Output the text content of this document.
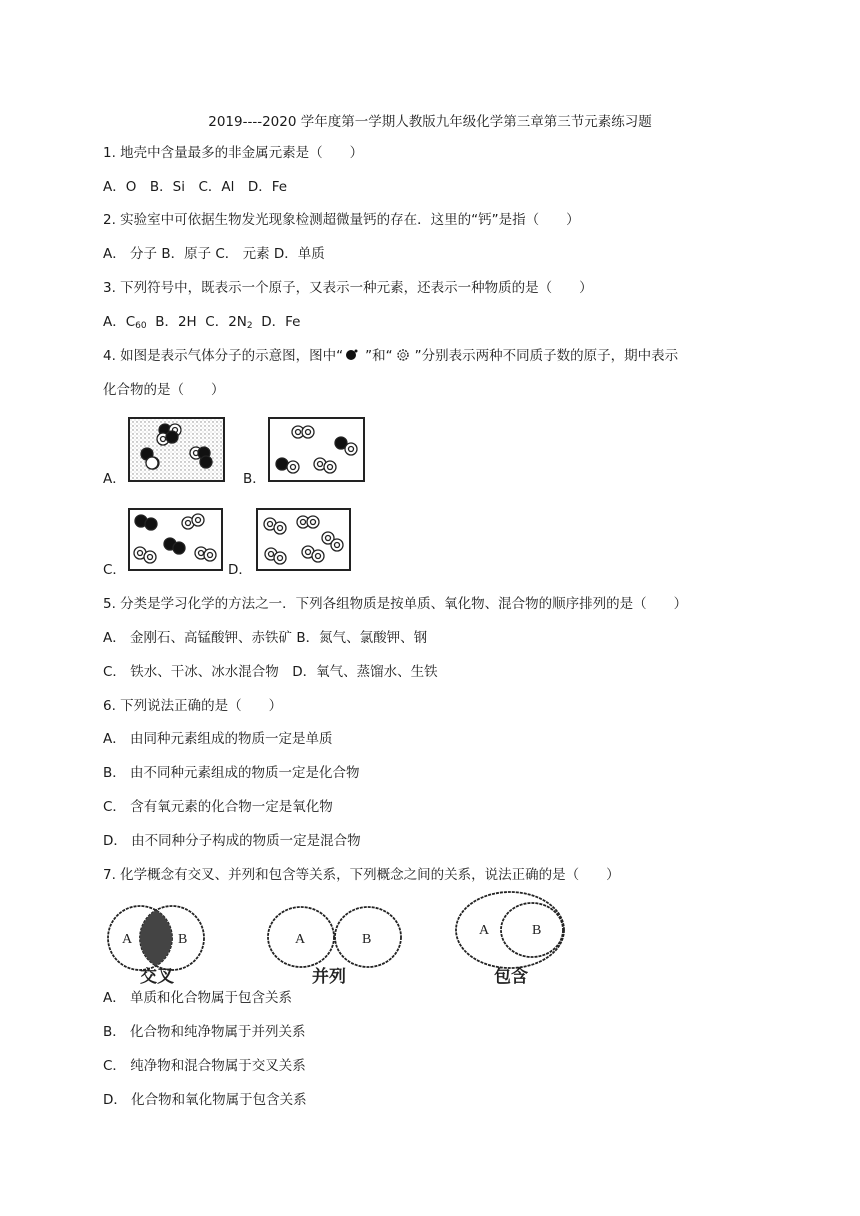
2019----2020 学年度第一学期人教版九年级化学第三章第三节元素练习题
1. 地壳中含量最多的非金属元素是（　　）
A．O　B．Si　C．Al　D．Fe
2. 实验室中可依据生物发光现象检测超微量钙的存在．这里的“钙”是指（　　）
A． 分子 B．原子 C． 元素 D．单质
3. 下列符号中，既表示一个原子，又表示一种元素，还表示一种物质的是（　　）
A．$C_{60}$  B．2H  C．$2N_2$  D．Fe
4. 如图是表示气体分子的示意图，图中“ ”和“ ”分别表示两种不同质子数的原子，期中表示
化合物的是（　　）
A．	B．
C．	D．
5. 分类是学习化学的方法之一．下列各组物质是按单质、氧化物、混合物的顺序排列的是（　　）
A． 金刚石、高锰酸钾、赤铁矿 B．氮气、氯酸钾、钢
C． 铁水、干冰、冰水混合物　D．氧气、蒸馏水、生铁
6. 下列说法正确的是（　　）
A． 由同种元素组成的物质一定是单质
B． 由不同种元素组成的物质一定是化合物
C． 含有氧元素的化合物一定是氧化物
D． 由不同种分子构成的物质一定是混合物
7. 化学概念有交叉、并列和包含等关系，下列概念之间的关系，说法正确的是（　　）
A	B
交叉
A	B
并列
A	B
包含
A． 单质和化合物属于包含关系
B． 化合物和纯净物属于并列关系
C． 纯净物和混合物属于交叉关系
D． 化合物和氧化物属于包含关系
